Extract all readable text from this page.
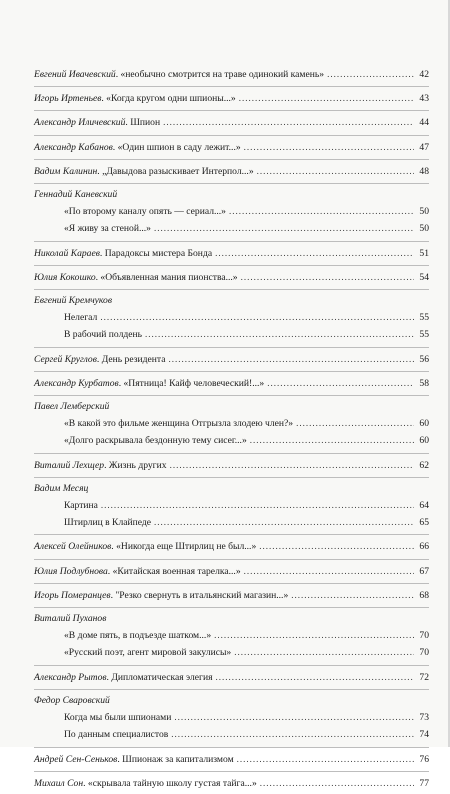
Евгений Ивачевский. «необычно смотрится на траве одинокий камень» .....	42
Игорь Иртеньев. «Когда кругом одни шпионы...» .....	43
Александр Иличевский. Шпион .....	44
Александр Кабанов. «Один шпион в саду лежит...» .....	47
Вадим Калинин. „Давыдова разыскивает Интерпол...» .....	48
Геннадий Каневский
«По второму каналу опять — сериал...» .....	50
«Я живу за стеной...» .....	50
Николай Караев. Парадоксы мистера Бонда .....	51
Юлия Кокошко. «Объявленная мания пионства...» .....	54
Евгений Кремчуков
Нелегал .....	55
В рабочий полдень .....	55
Сергей Круглов. День резидента .....	56
Александр Курбатов. «Пятница! Кайф человеческий!...» .....	58
Павел Лемберский
«В какой это фильме женщина Отгрызла злодею член?» .....	60
«Долго раскрывала бездонную тему сисег...» .....	60
Виталий Лехщер. Жизнь других .....	62
Вадим Месяц
Картина .....	64
Штирлиц в Клайпеде .....	65
Алексей Олейников. «Никогда еще Штирлиц не был...» .....	66
Юлия Подлубнова. «Китайская военная тарелка...» .....	67
Игорь Померанцев. "Резко свернуть в итальянский магазин...» .....	68
Виталий Пуханов
«В доме пять, в подъезде шатком...» .....	70
«Русский поэт, агент мировой закулисы» .....	70
Александр Рытов. Дипломатическая элегия .....	72
Федор Сваровский
Когда мы были шпионами .....	73
По данным специалистов .....	74
Андрей Сен-Сеньков. Шпионаж за капитализмом .....	76
Михаил Сон. «скрывала тайную школу густая тайга...» .....	77
